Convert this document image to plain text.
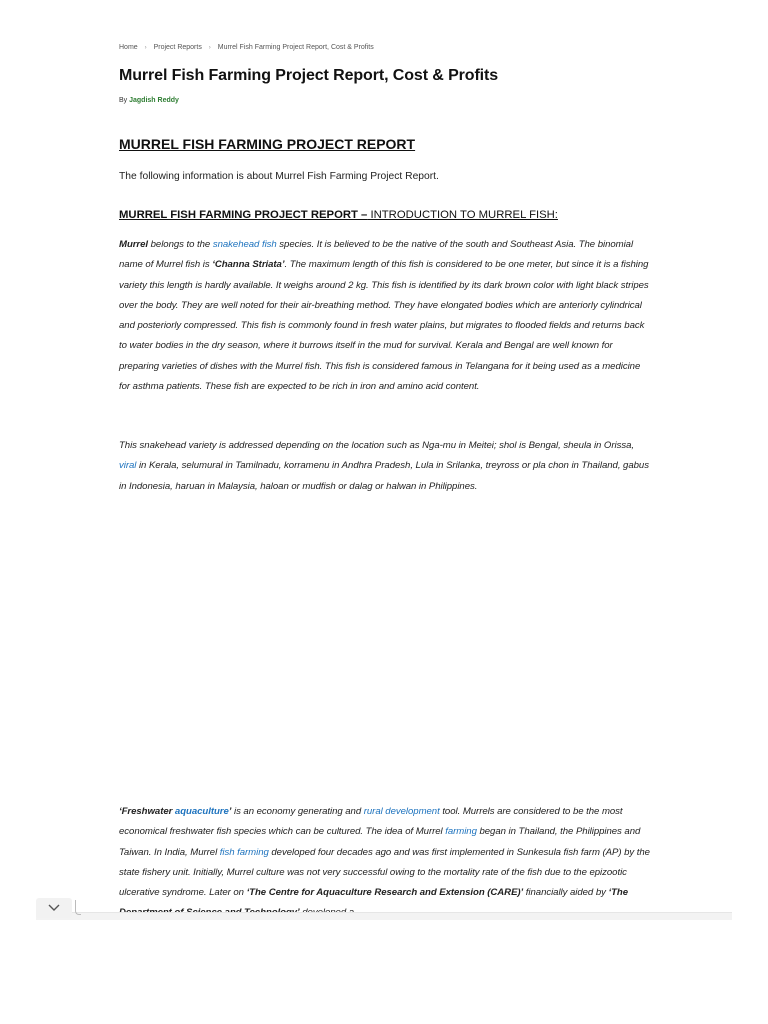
Home › Project Reports › Murrel Fish Farming Project Report, Cost & Profits
Murrel Fish Farming Project Report, Cost & Profits
By Jagdish Reddy
MURREL FISH FARMING PROJECT REPORT

The following information is about Murrel Fish Farming Project Report.

MURREL FISH FARMING PROJECT REPORT – INTRODUCTION TO MURREL FISH:

Murrel belongs to the snakehead fish species. It is believed to be the native of the south and Southeast Asia. The binomial name of Murrel fish is ‘Channa Striata’. The maximum length of this fish is considered to be one meter, but since it is a fishing variety this length is hardly available. It weighs around 2 kg. This fish is identified by its dark brown color with light black stripes over the body. They are well noted for their air-breathing method. They have elongated bodies which are anteriorly cylindrical and posteriorly compressed. This fish is commonly found in fresh water plains, but migrates to flooded fields and returns back to water bodies in the dry season, where it burrows itself in the mud for survival. Kerala and Bengal are well known for preparing varieties of dishes with the Murrel fish. This fish is considered famous in Telangana for it being used as a medicine for asthma patients. These fish are expected to be rich in iron and amino acid content.

This snakehead variety is addressed depending on the location such as Nga-mu in Meitei; shol is Bengal, sheula in Orissa, viral in Kerala, selumural in Tamilnadu, korramenu in Andhra Pradesh, Lula in Srilanka, treyross or pla chon in Thailand, gabus in Indonesia, haruan in Malaysia, haloan or mudfish or dalag or halwan in Philippines.

‘Freshwater aquaculture’ is an economy generating and rural development tool. Murrels are considered to be the most economical freshwater fish species which can be cultured. The idea of Murrel farming began in Thailand, the Philippines and Taiwan. In India, Murrel fish farming developed four decades ago and was first implemented in Sunkesula fish farm (AP) by the state fishery unit. Initially, Murrel culture was not very successful owing to the mortality rate of the fish due to the epizootic ulcerative syndrome. Later on ‘The Centre for Aquaculture Research and Extension (CARE)’ financially aided by ‘The
